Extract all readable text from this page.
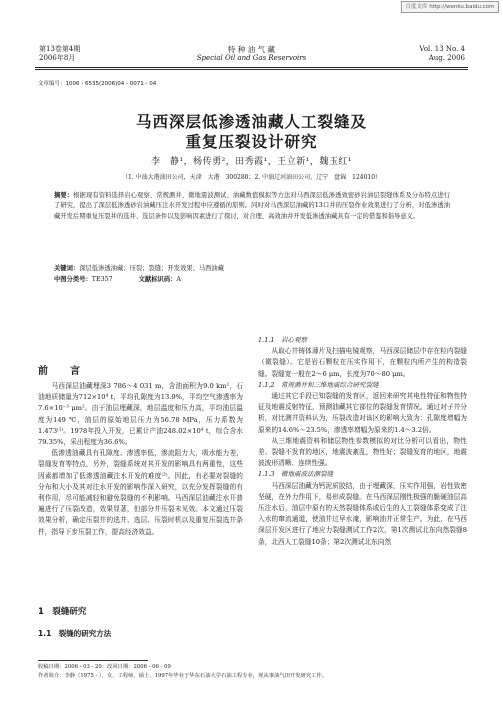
百度文库 http://wenku.baidu.com
第13卷第4期
2006年8月
特 种 油 气 藏
Special Oil and Gas Reservoirs
Vol. 13 No. 4
Aug. 2006
文章编号：1006 - 6535(2006)04 - 0071 - 04
马西深层低渗透油藏人工裂缝及
重复压裂设计研究
李　静¹，杨传勇²，田秀霞¹，王立新¹，魏玉红¹
（1. 中油大港油田公司，天津　大港　300280；2. 中油辽河油田公司，辽宁　盘锦　124010）
摘要：根据现有资料选择岩心观察、常规测井、微地震波测试、油藏数值模拟等方法对马西深层低渗透致密砂岩油层裂缝体系及分布特点进行了研究，提出了深层低渗透砂岩油藏压注水开发过程中应遵循的原则。同时对马西深层油藏的13口井的压裂作业效果进行了分析，对低渗透油藏开发后期重复压裂井的选井、选层条件以及影响因素进行了探讨，对合理、高效油井开发低渗透油藏具有一定的借鉴和指导意义。
关键词：深层低渗透油藏；压裂；裂缝；开发效果；马西油藏
中图分类号：TE357	文献标识码：A
前　言

马西深层油藏埋深3 786～4 031 m，含油面积为9.0 km²，石油地质储量为712×10⁴ t，平均孔隙度为13.9%，平均空气渗透率为7.6×10⁻³ μm²。由于油层埋藏深，地层温度和压力高，平均油层温度为149 ℃，油层的原始地层压力为56.78 MPa，压力系数为1.473⁽¹⁾。1978年投入开发，已累计产油248.02×10⁴ t，综合含水79.35%，采出程度为36.6%。

低渗透油藏具有孔隙度、渗透率低，渗流阻力大，吸水能力差，裂缝发育等特点，另外，裂缝系统对其开发的影响具有两重性，这些因素都增加了低渗透油藏注水开发的难度⁽²⁾。因此，有必要对裂缝的分布和大小及其对注水开发的影响作深入研究，以充分发挥裂缝的有利作用，尽可能减轻和避免裂缝的不利影响。马西深层油藏注水开普遍进行了压裂改造，效果显著，但部分井压裂未见效。本文通过压裂效果分析，确定压裂井的选井、选层、压裂时机以及重复压裂选井条件，指导下步压裂工作，提高经济效益。

1　裂缝研究
1.1　裂缝的研究方法
1.1.1　岩心观察

从取心井铸体薄片及扫描电镜观察，马西深层储层中存在粒内裂缝（微裂缝）。它是岩石颗粒在压实作用下，在颗粒内所产生的构造裂缝。裂缝宽一般在2～6 μm，长度为70～80 μm。

1.1.2　常规测井和三维地震综合研究裂缝

通过其它手段已知裂缝的发育区，返回来研究其电性特征和物性特征及地震反射特征，预测油藏其它部位的裂缝发育情况。通过对子井分析，对比测井资料认为，压裂改造对该区的影响大致为：孔隙度增幅为原来的14.6%～23.5%，渗透率增幅为原来的1.4～3.2倍。

从三维地震资料和储层物性参数模拟的对比分析可以看出，物性差、裂缝不发育的地区，地震波紊乱，物性好；裂缝发育的地区，地震波波形清晰、连续性强。

1.1.3　微地震波法测裂缝

马西深层油藏为钙泥质胶结，由于埋藏深，压实作用强，岩性致密坚硬，在外力作用下，易形成裂缝。在马西深层刚性极强的脆硬油层高压注水后，油层中原有的天然裂缝体系或后生的人工裂缝体系变成了注入水的窜流通道，使油井过早水淹，影响油井正常生产。为此，在马西深层开发区进行了地应力裂缝测试工作2次，第1次测试北东向然裂缝8条，北西人工裂缝10条；第2次测试北东向然

收稿日期：2006 - 03 - 20；改回日期：2006 - 06 - 09
作者简介：李静（1975 - ），女，工程师，硕士，1997年毕业于华东石油大学石油工程专业，现从事油气田开发研究工作。
